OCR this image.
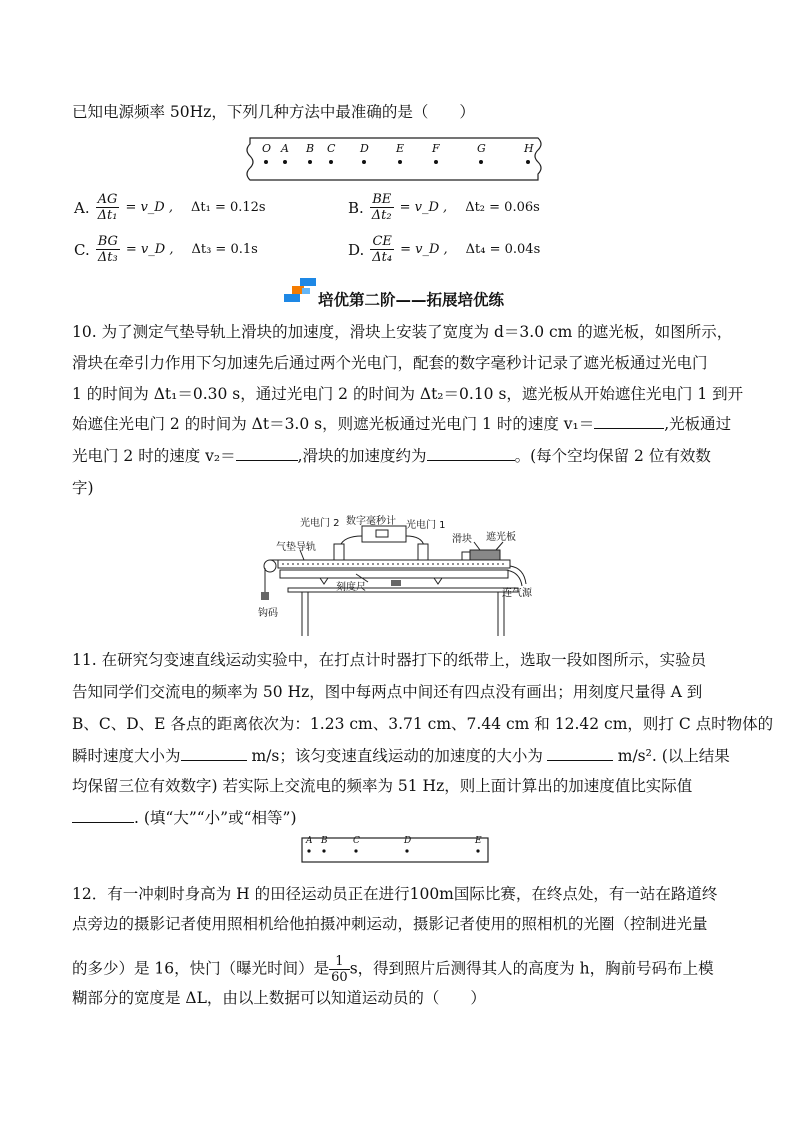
已知电源频率 50Hz，下列几种方法中最准确的是（　　）
O A B C D E	F	G	H
A. $\frac{AG}{\text{Δt₁}}$ = v_D , Δt₁ = 0.12s	B. $\frac{BE}{\text{Δt₂}}$ = v_D , Δt₂ = 0.06s
C. $\frac{BG}{\text{Δt₃}}$ = v_D , Δt₃ = 0.1s	D. $\frac{CE}{\text{Δt₄}}$ = v_D , Δt₄ = 0.04s
培优第二阶——拓展培优练
10. 为了测定气垫导轨上滑块的加速度，滑块上安装了宽度为 d＝3.0 cm 的遮光板，如图所示，
滑块在牵引力作用下匀加速先后通过两个光电门，配套的数字毫秒计记录了遮光板通过光电门
1 的时间为 Δt₁＝0.30 s，通过光电门 2 的时间为 Δt₂＝0.10 s，遮光板从开始遮住光电门 1 到开
始遮住光电门 2 的时间为 Δt＝3.0 s，则遮光板通过光电门 1 时的速度 v₁＝	,光板通过
光电门 2 时的速度 v₂＝	,滑块的加速度约为	。(每个空均保留 2 位有效数
字)
光电门 2 数字毫秒计 光电门 1
气垫导轨
滑块 遮光板
刻度尺
连气源
钩码
11. 在研究匀变速直线运动实验中，在打点计时器打下的纸带上，选取一段如图所示，实验员
告知同学们交流电的频率为 50 Hz，图中每两点中间还有四点没有画出；用刻度尺量得 A 到
B、C、D、E 各点的距离依次为：1.23 cm、3.71 cm、7.44 cm 和 12.42 cm，则打 C 点时物体的
瞬时速度大小为	m/s；该匀变速直线运动的加速度的大小为	m/s². (以上结果
均保留三位有效数字) 若实际上交流电的频率为 51 Hz，则上面计算出的加速度值比实际值
. (填“大”“小”或“相等”)
A B	C	D	E
12．有一冲刺时身高为 H 的田径运动员正在进行100m国际比赛，在终点处，有一站在路道终
点旁边的摄影记者使用照相机给他拍摄冲刺运动，摄影记者使用的照相机的光圈（控制进光量
的多少）是 16，快门（曝光时间）是 $\frac{1}{60}$ s，得到照片后测得其人的高度为 h，胸前号码布上模
糊部分的宽度是 ΔL，由以上数据可以知道运动员的（　　）
